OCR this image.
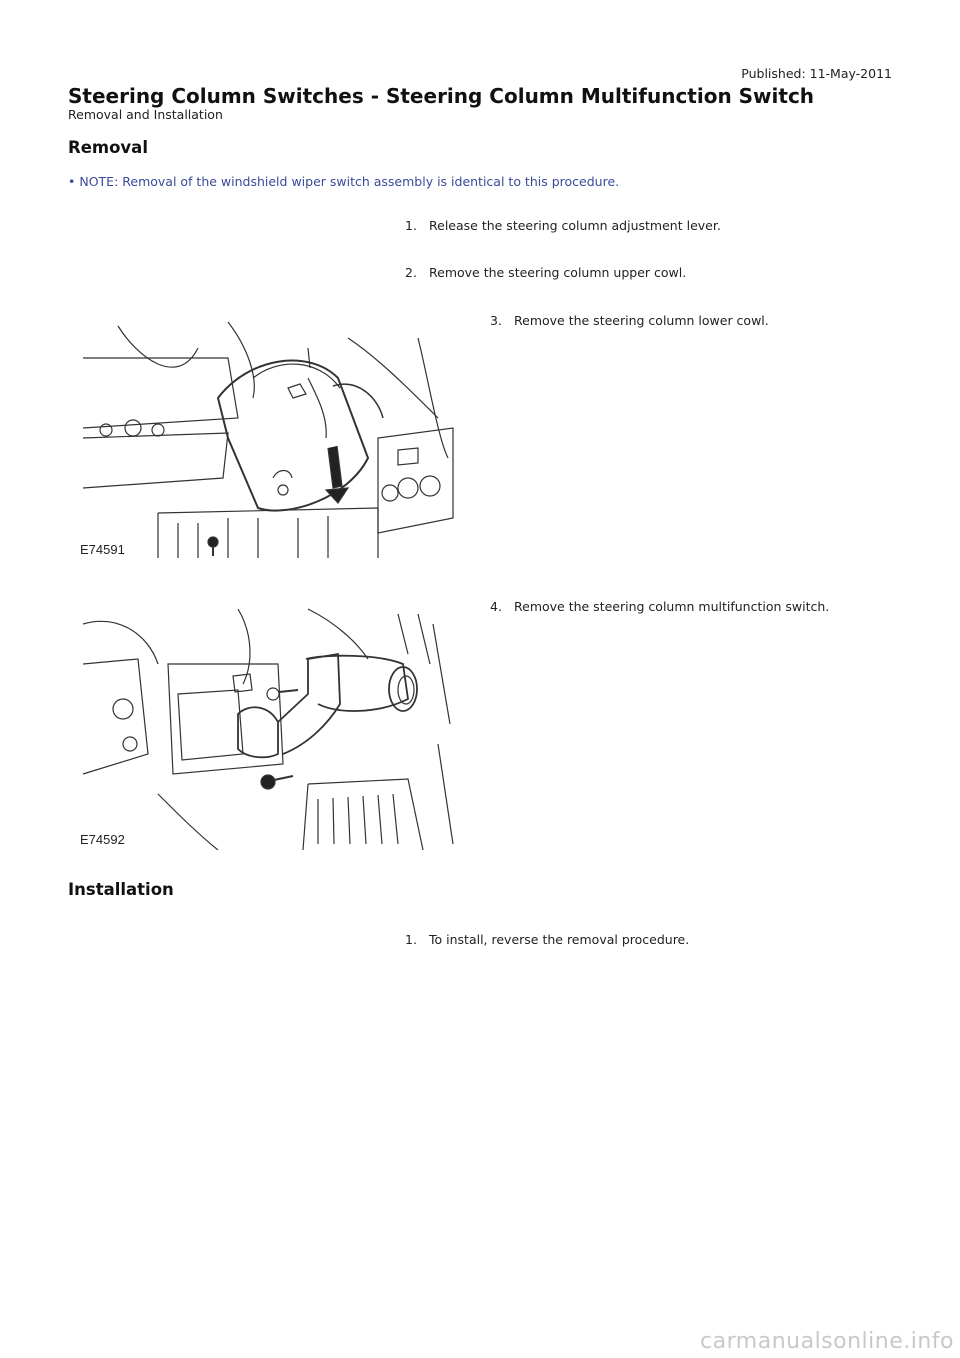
Published: 11-May-2011
Steering Column Switches - Steering Column Multifunction Switch
Removal and Installation
Removal
• NOTE: Removal of the windshield wiper switch assembly is identical to this procedure.
1. Release the steering column adjustment lever.
2. Remove the steering column upper cowl.
3. Remove the steering column lower cowl.
4. Remove the steering column multifunction switch.
E74591
E74592
Installation
1. To install, reverse the removal procedure.
carmanualsonline.info
